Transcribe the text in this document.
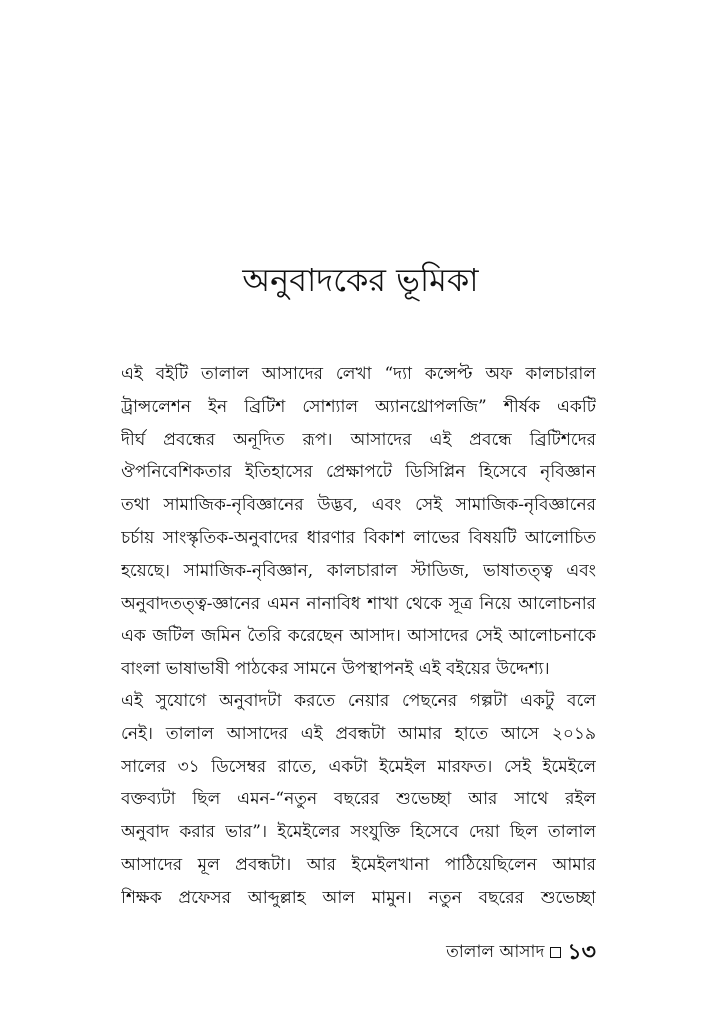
অনুবাদকের ভূমিকা
এই বইটি তালাল আসাদের লেখা “দ্যা কন্সেপ্ট অফ কালচারাল
ট্রান্সলেশন ইন ব্রিটিশ সোশ্যাল অ্যানথ্রোপলজি” শীর্ষক একটি
দীর্ঘ প্রবন্ধের অনূদিত রূপ। আসাদের এই প্রবন্ধে ব্রিটিশদের
ঔপনিবেশিকতার ইতিহাসের প্রেক্ষাপটে ডিসিপ্লিন হিসেবে নৃবিজ্ঞান
তথা সামাজিক-নৃবিজ্ঞানের উদ্ভব, এবং সেই সামাজিক-নৃবিজ্ঞানের
চর্চায় সাংস্কৃতিক-অনুবাদের ধারণার বিকাশ লাভের বিষয়টি আলোচিত
হয়েছে। সামাজিক-নৃবিজ্ঞান, কালচারাল স্টাডিজ, ভাষাতত্ত্ব এবং
অনুবাদতত্ত্ব-জ্ঞানের এমন নানাবিধ শাখা থেকে সূত্র নিয়ে আলোচনার
এক জটিল জমিন তৈরি করেছেন আসাদ। আসাদের সেই আলোচনাকে
বাংলা ভাষাভাষী পাঠকের সামনে উপস্থাপনই এই বইয়ের উদ্দেশ্য।
এই সুযোগে অনুবাদটা করতে নেয়ার পেছনের গল্পটা একটু বলে
নেই। তালাল আসাদের এই প্রবন্ধটা আমার হাতে আসে ২০১৯
সালের ৩১ ডিসেম্বর রাতে, একটা ইমেইল মারফত। সেই ইমেইলে
বক্তব্যটা ছিল এমন-“নতুন বছরের শুভেচ্ছা আর সাথে রইল
অনুবাদ করার ভার”। ইমেইলের সংযুক্তি হিসেবে দেয়া ছিল তালাল
আসাদের মূল প্রবন্ধটা। আর ইমেইলখানা পাঠিয়েছিলেন আমার
শিক্ষক প্রফেসর আব্দুল্লাহ আল মামুন। নতুন বছরের শুভেচ্ছা
তালাল আসাদ ১৩
